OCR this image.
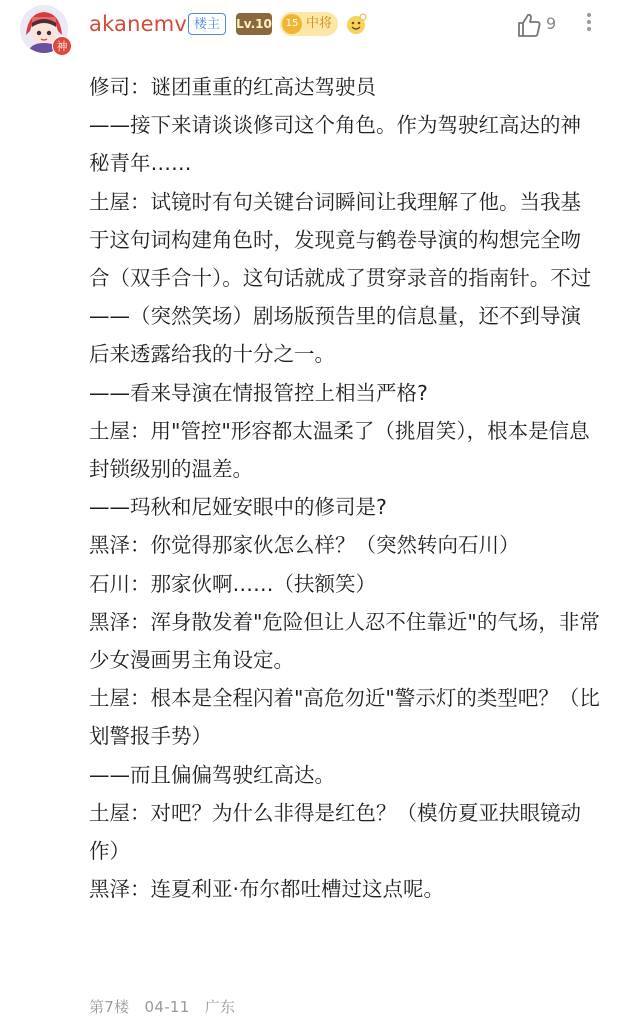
神
akanemv 楼主	Lv.10	15 中将	9

修司：谜团重重的红高达驾驶员

——接下来请谈谈修司这个角色。作为驾驶红高达的神秘青年……

土屋：试镜时有句关键台词瞬间让我理解了他。当我基于这句词构建角色时，发现竟与鹤卷导演的构想完全吻合（双手合十）。这句话就成了贯穿录音的指南针。不过——（突然笑场）剧场版预告里的信息量，还不到导演后来透露给我的十分之一。

——看来导演在情报管控上相当严格?

土屋：用"管控"形容都太温柔了（挑眉笑），根本是信息封锁级别的温差。

——玛秋和尼娅安眼中的修司是?

黑泽：你觉得那家伙怎么样？（突然转向石川）

石川：那家伙啊……（扶额笑）

黑泽：浑身散发着"危险但让人忍不住靠近"的气场，非常少女漫画男主角设定。

土屋：根本是全程闪着"高危勿近"警示灯的类型吧？（比划警报手势）

——而且偏偏驾驶红高达。

土屋：对吧？为什么非得是红色？（模仿夏亚扶眼镜动作）

黑泽：连夏利亚·布尔都吐槽过这点呢。

第7楼 04-11 广东
